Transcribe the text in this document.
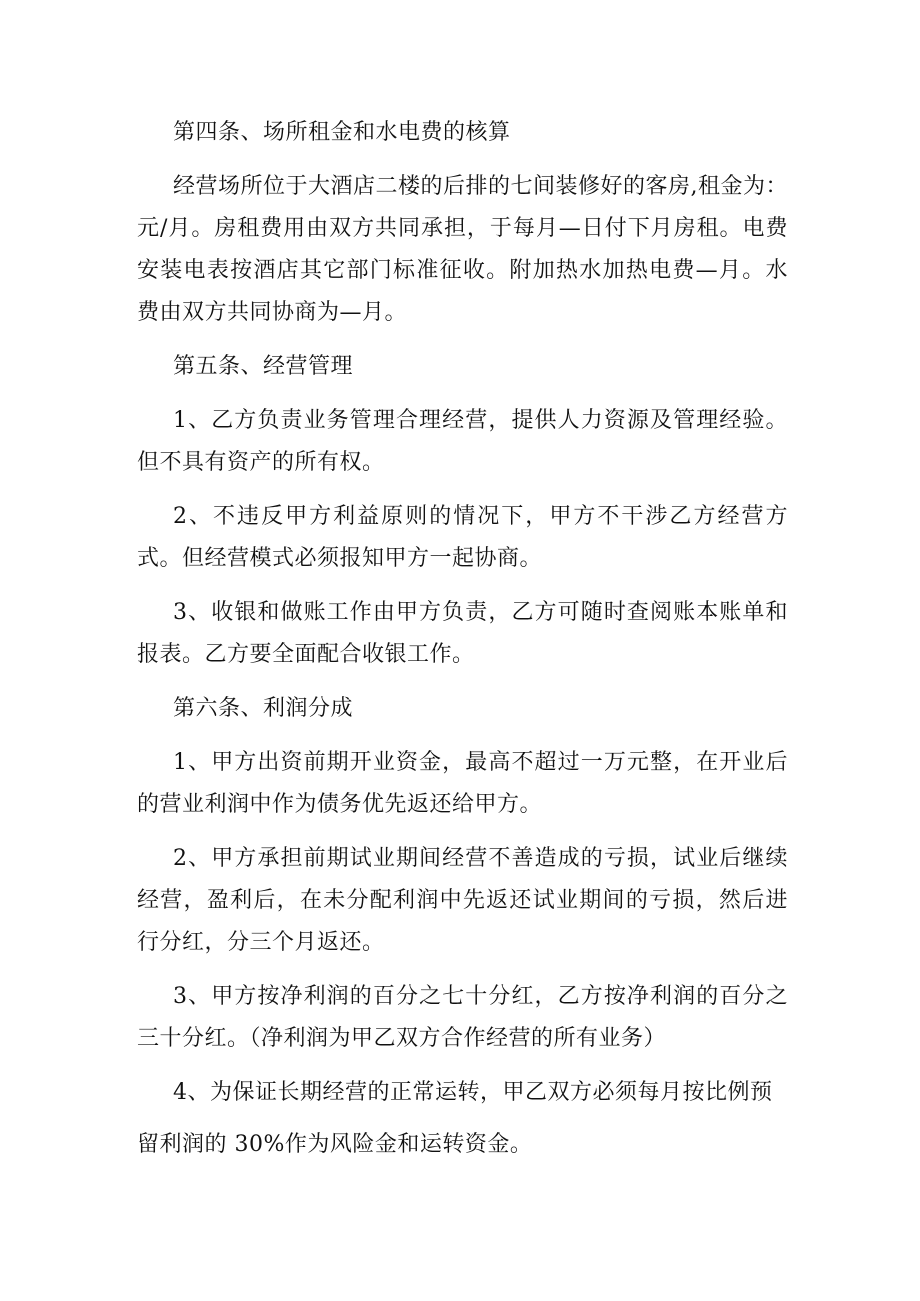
第四条、场所租金和水电费的核算

经营场所位于大酒店二楼的后排的七间装修好的客房,租金为：元/月。房租费用由双方共同承担，于每月—日付下月房租。电费安装电表按酒店其它部门标准征收。附加热水加热电费—月。水费由双方共同协商为—月。

第五条、经营管理

1、乙方负责业务管理合理经营，提供人力资源及管理经验。但不具有资产的所有权。

2、不违反甲方利益原则的情况下，甲方不干涉乙方经营方式。但经营模式必须报知甲方一起协商。

3、收银和做账工作由甲方负责，乙方可随时查阅账本账单和报表。乙方要全面配合收银工作。

第六条、利润分成

1、甲方出资前期开业资金，最高不超过一万元整，在开业后的营业利润中作为债务优先返还给甲方。

2、甲方承担前期试业期间经营不善造成的亏损，试业后继续经营，盈利后，在未分配利润中先返还试业期间的亏损，然后进行分红，分三个月返还。

3、甲方按净利润的百分之七十分红，乙方按净利润的百分之三十分红。（净利润为甲乙双方合作经营的所有业务）

4、为保证长期经营的正常运转，甲乙双方必须每月按比例预

留利润的 30%作为风险金和运转资金。
